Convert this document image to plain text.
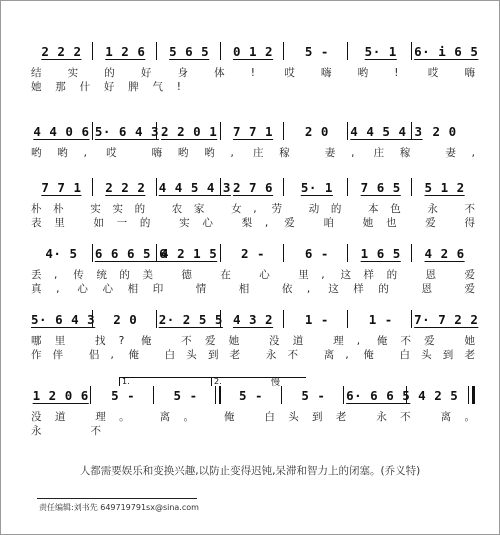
2 2 2	1 2 6	5 6 5	0 1 2	5 -	5· 1	6· i 6 5
结实的好身体! 哎嗨哟! 哎嗨
她那什好脾气!
4 4 0 6 5· 6 4 3 2 2 0 1	7 7 1	2 0	4 4 5 4 3 2 0
哟哟, 哎 嗨哟哟, 庄稼 妻, 庄稼 妻,
7 7 1	2 2 2	4 4 5 4 3 2 7 6	5· 1	7 6 5	5 1 2
朴朴 实实的 农家 女, 劳 动的 本色 永 不
表里 如一的 实心 梨, 爱 咱 她也 爱 得
4· 5	6 6 6 5 6
4 2 1 5	2 -	6 -	1 6 5	4 2 6
丢, 传统的美 德 在 心 里, 这样的 恩 爱
真, 心心相印 情 相 依, 这样的 恩 爱
5· 6 4 3	2 0	2· 2 5 5 4 3 2	1 -	1 -	7· 7 2 2
哪里 找? 俺 不爱她 没道 理, 俺不爱 她
作伴 侣, 俺 白头到老 永不 离, 俺 白头到老
1.	2.	慢
1 2 0 6	5 -	5 -	5 -	5 -	6· 6 6 5 4 2 5
没道 理。 离。 俺 白头到老 永不 离。
永 不
人都需要娱乐和变换兴趣,以防止变得迟钝,呆滞和智力上的闭塞。(乔义特)
责任编辑:刘书先 649719791sx@sina.com
